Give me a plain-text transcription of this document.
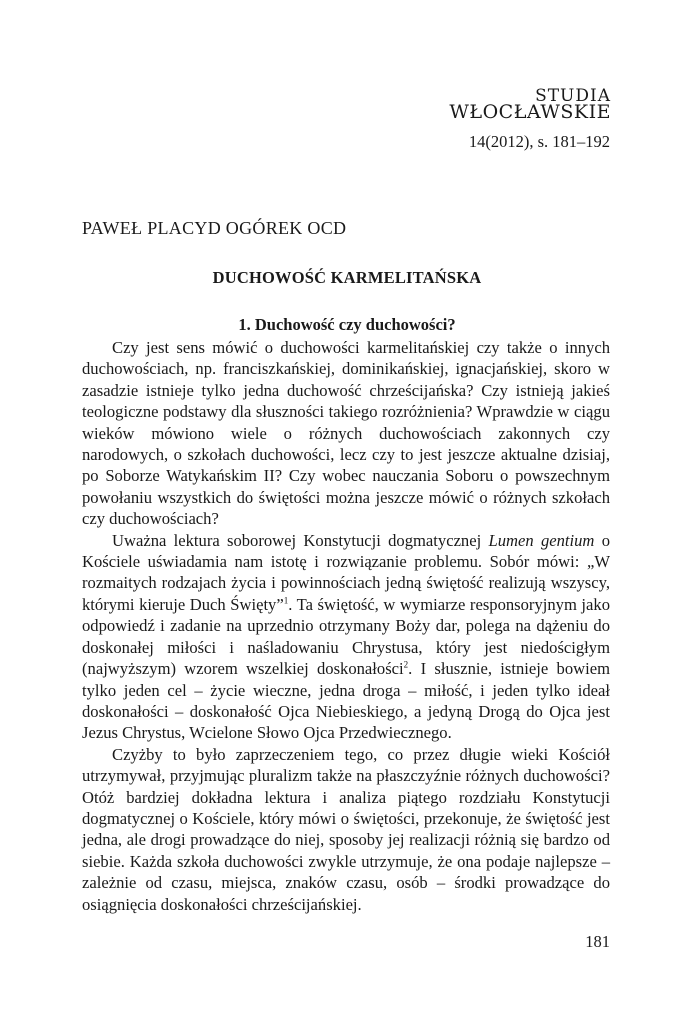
STUDIA
WŁOCŁAWSKIE
14(2012), s. 181–192
PAWEŁ PLACYD OGÓREK OCD
DUCHOWOŚĆ KARMELITAŃSKA
1. Duchowość czy duchowości?

Czy jest sens mówić o duchowości karmelitańskiej czy także o innych duchowościach, np. franciszkańskiej, dominikańskiej, ignacjańskiej, skoro w zasadzie istnieje tylko jedna duchowość chrześcijańska? Czy istnieją jakieś teologiczne podstawy dla słuszności takiego rozróżnienia? Wprawdzie w ciągu wieków mówiono wiele o różnych duchowościach zakonnych czy narodowych, o szkołach duchowości, lecz czy to jest jeszcze aktualne dzisiaj, po Soborze Watykańskim II? Czy wobec nauczania Soboru o powszechnym powołaniu wszystkich do świętości można jeszcze mówić o różnych szkołach czy duchowościach?

Uważna lektura soborowej Konstytucji dogmatycznej Lumen gentium o Kościele uświadamia nam istotę i rozwiązanie problemu. Sobór mówi: „W rozmaitych rodzajach życia i powinnościach jedną świętość realizują wszyscy, którymi kieruje Duch Święty”$^1$. Ta świętość, w wymiarze responsoryjnym jako odpowiedź i zadanie na uprzednio otrzymany Boży dar, polega na dążeniu do doskonałej miłości i naśladowaniu Chrystusa, który jest niedościgłym (najwyższym) wzorem wszelkiej doskonałości$^2$. I słusznie, istnieje bowiem tylko jeden cel – życie wieczne, jedna droga – miłość, i jeden tylko ideał doskonałości – doskonałość Ojca Niebieskiego, a jedyną Drogą do Ojca jest Jezus Chrystus, Wcielone Słowo Ojca Przedwiecznego.

Czyżby to było zaprzeczeniem tego, co przez długie wieki Kościół utrzymywał, przyjmując pluralizm także na płaszczyźnie różnych duchowości? Otóż bardziej dokładna lektura i analiza piątego rozdziału Konstytucji dogmatycznej o Kościele, który mówi o świętości, przekonuje, że świętość jest jedna, ale drogi prowadzące do niej, sposoby jej realizacji różnią się bardzo od siebie. Każda szkoła duchowości zwykle utrzymuje, że ona podaje najlepsze – zależnie od czasu, miejsca, znaków czasu, osób – środki prowadzące do osiągnięcia doskonałości chrześcijańskiej.

181
